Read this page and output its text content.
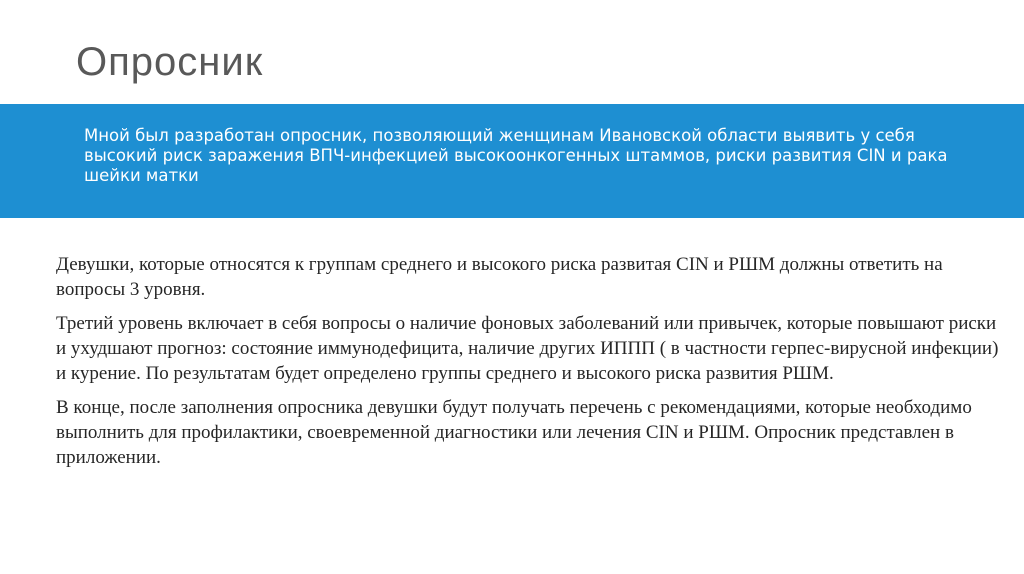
Опросник

Мной был разработан опросник, позволяющий женщинам Ивановской области выявить у себя высокий риск заражения ВПЧ-инфекцией высокоонкогенных штаммов, риски развития CIN и рака шейки матки

Девушки, которые относятся к группам среднего и высокого риска развитая CIN и РШМ должны ответить на вопросы 3 уровня.

Третий уровень включает в себя вопросы о наличие фоновых заболеваний или привычек, которые повышают риски и ухудшают прогноз: состояние иммунодефицита, наличие других ИППП ( в частности герпес-вирусной инфекции) и курение. По результатам будет определено группы среднего и высокого риска развития РШМ.

В конце, после заполнения опросника девушки будут получать перечень с рекомендациями, которые необходимо выполнить для профилактики, своевременной диагностики или лечения CIN и РШМ. Опросник представлен в приложении.
